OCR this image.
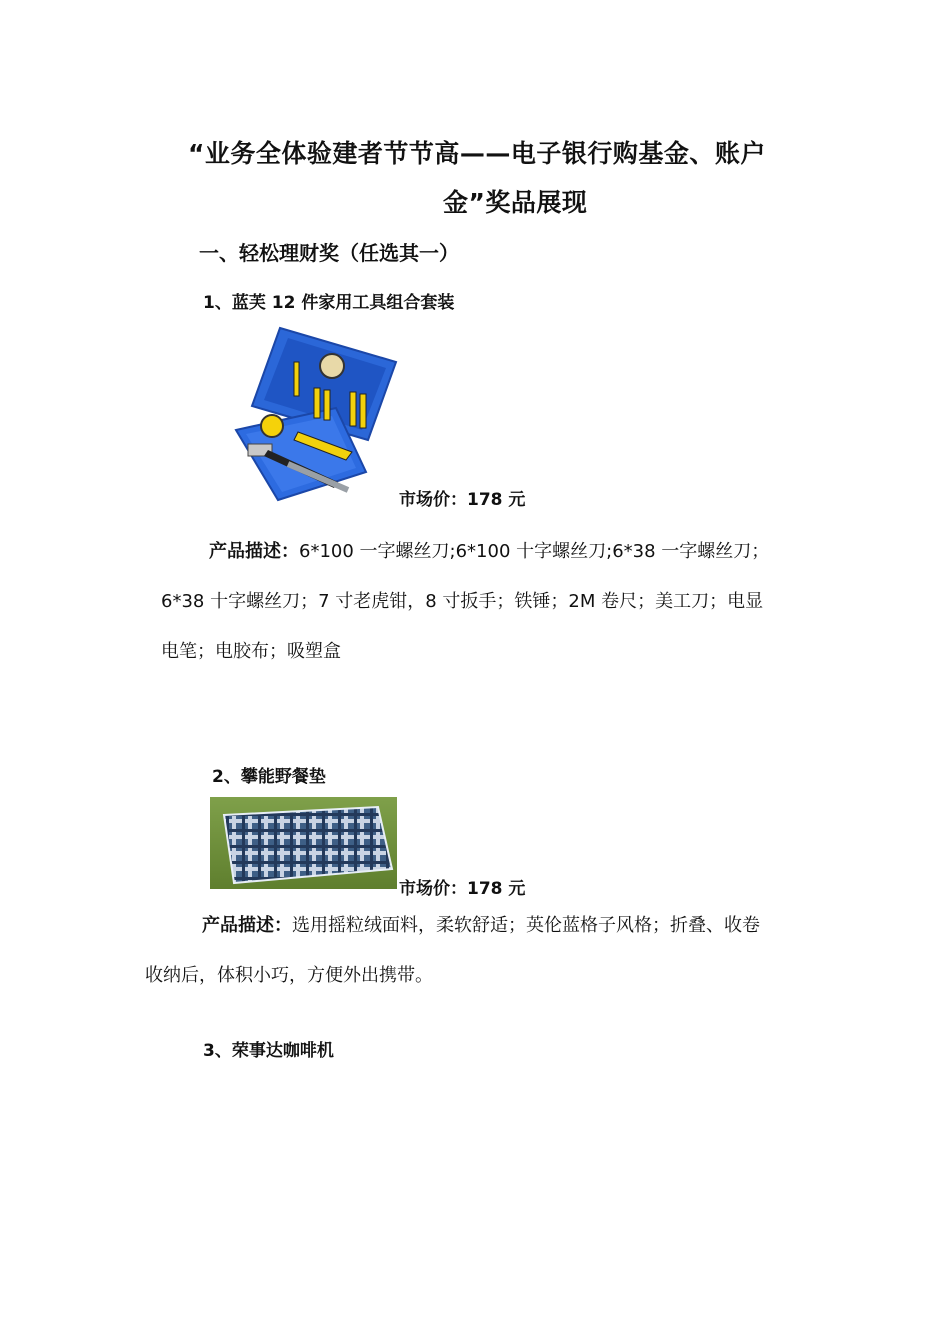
“业务全体验建者节节高——电子银行购基金、账户
金”奖品展现
一、轻松理财奖（任选其一）
1、蓝芙 12 件家用工具组合套装
市场价：178 元
产品描述：6*100 一字螺丝刀;6*100 十字螺丝刀;6*38 一字螺丝刀；
6*38 十字螺丝刀；7 寸老虎钳，8 寸扳手；铁锤；2M 卷尺；美工刀；电显
电笔；电胶布；吸塑盒
2、攀能野餐垫
市场价：178 元
产品描述：选用摇粒绒面料，柔软舒适；英伦蓝格子风格；折叠、收卷
收纳后，体积小巧，方便外出携带。
3、荣事达咖啡机
